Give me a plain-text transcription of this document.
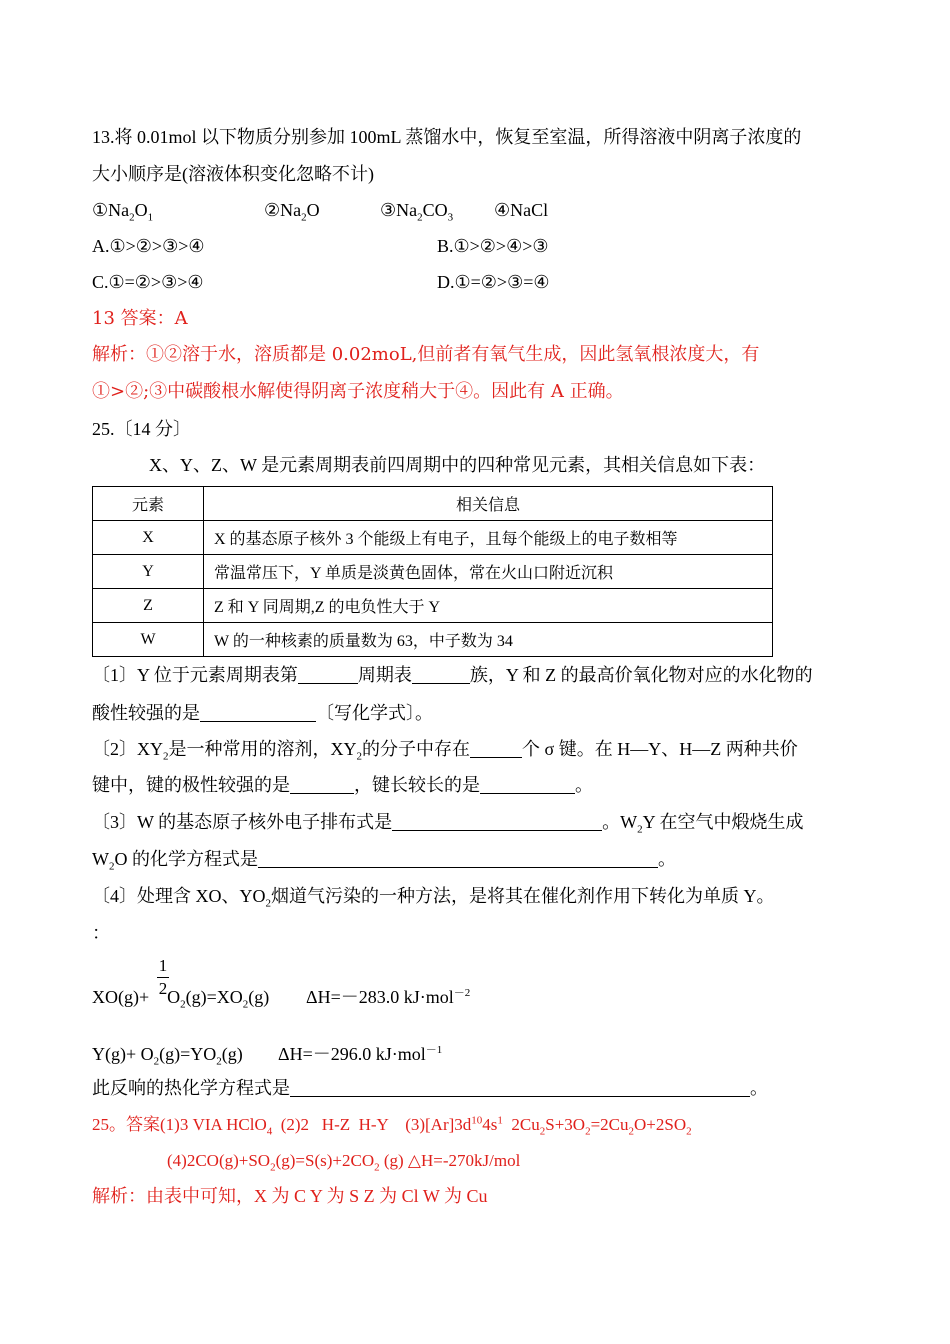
13.将 0.01mol 以下物质分别参加 100mL 蒸馏水中，恢复至室温，所得溶液中阴离子浓度的
大小顺序是(溶液体积变化忽略不计)
$①Na_2O_1$	$②Na_2O$	$③Na_2CO_3$ ④NaCl
A.①>②>③>④	B.①>②>④>③
C.①=②>③>④	D.①=②>③=④
13 答案：A
解析：①②溶于水，溶质都是 0.02moL,但前者有氧气生成，因此氢氧根浓度大，有
①>②;③中碳酸根水解使得阴离子浓度稍大于④。因此有 A 正确。
25.〔14 分〕
X、Y、Z、W 是元素周期表前四周期中的四种常见元素，其相关信息如下表：
元素	相关信息
X	X 的基态原子核外 3 个能级上有电子，且每个能级上的电子数相等
Y	常温常压下，Y 单质是淡黄色固体，常在火山口附近沉积
Z	Z 和 Y 同周期,Z 的电负性大于 Y
W	W 的一种核素的质量数为 63，中子数为 34
〔1〕Y 位于元素周期表第	周期表	族，Y 和 Z 的最高价氧化物对应的水化物的
酸性较强的是	〔写化学式〕。
〔2〕$XY_2$是一种常用的溶剂，$XY_2$的分子中存在	个 σ 键。在 H—Y、H—Z 两种共价
键中，键的极性较强的是	，键长较长的是	。
〔3〕W 的基态原子核外电子排布式是	。$W_2Y$ 在空气中煅烧生成
$W_2O$ 的化学方程式是	。
〔4〕处理含 XO、$YO_2$烟道气污染的一种方法，是将其在催化剂作用下转化为单质 Y。
：
1
2
$XO(g)+ O_2(g)=XO_2(g)$ ΔH=－283.0 kJ·mol$^{-2}$
$Y(g)+ O_2(g)=YO_2(g)$ ΔH=－296.0 kJ·mol$^{-1}$
此反响的热化学方程式是	。
25。答案(1)3 VIA HClO$_4$  (2)2   H-Z  H-Y    $(3)[Ar]3d^{10}4s^1$  $2Cu_2S+3O_2=2Cu_2O+2SO_2$
$(4)2CO(g)+SO_2(g)=S(s)+2CO_2$ (g) △H=-270kJ/mol
解析：由表中可知，X 为 C Y 为 S Z 为 Cl W 为 Cu
